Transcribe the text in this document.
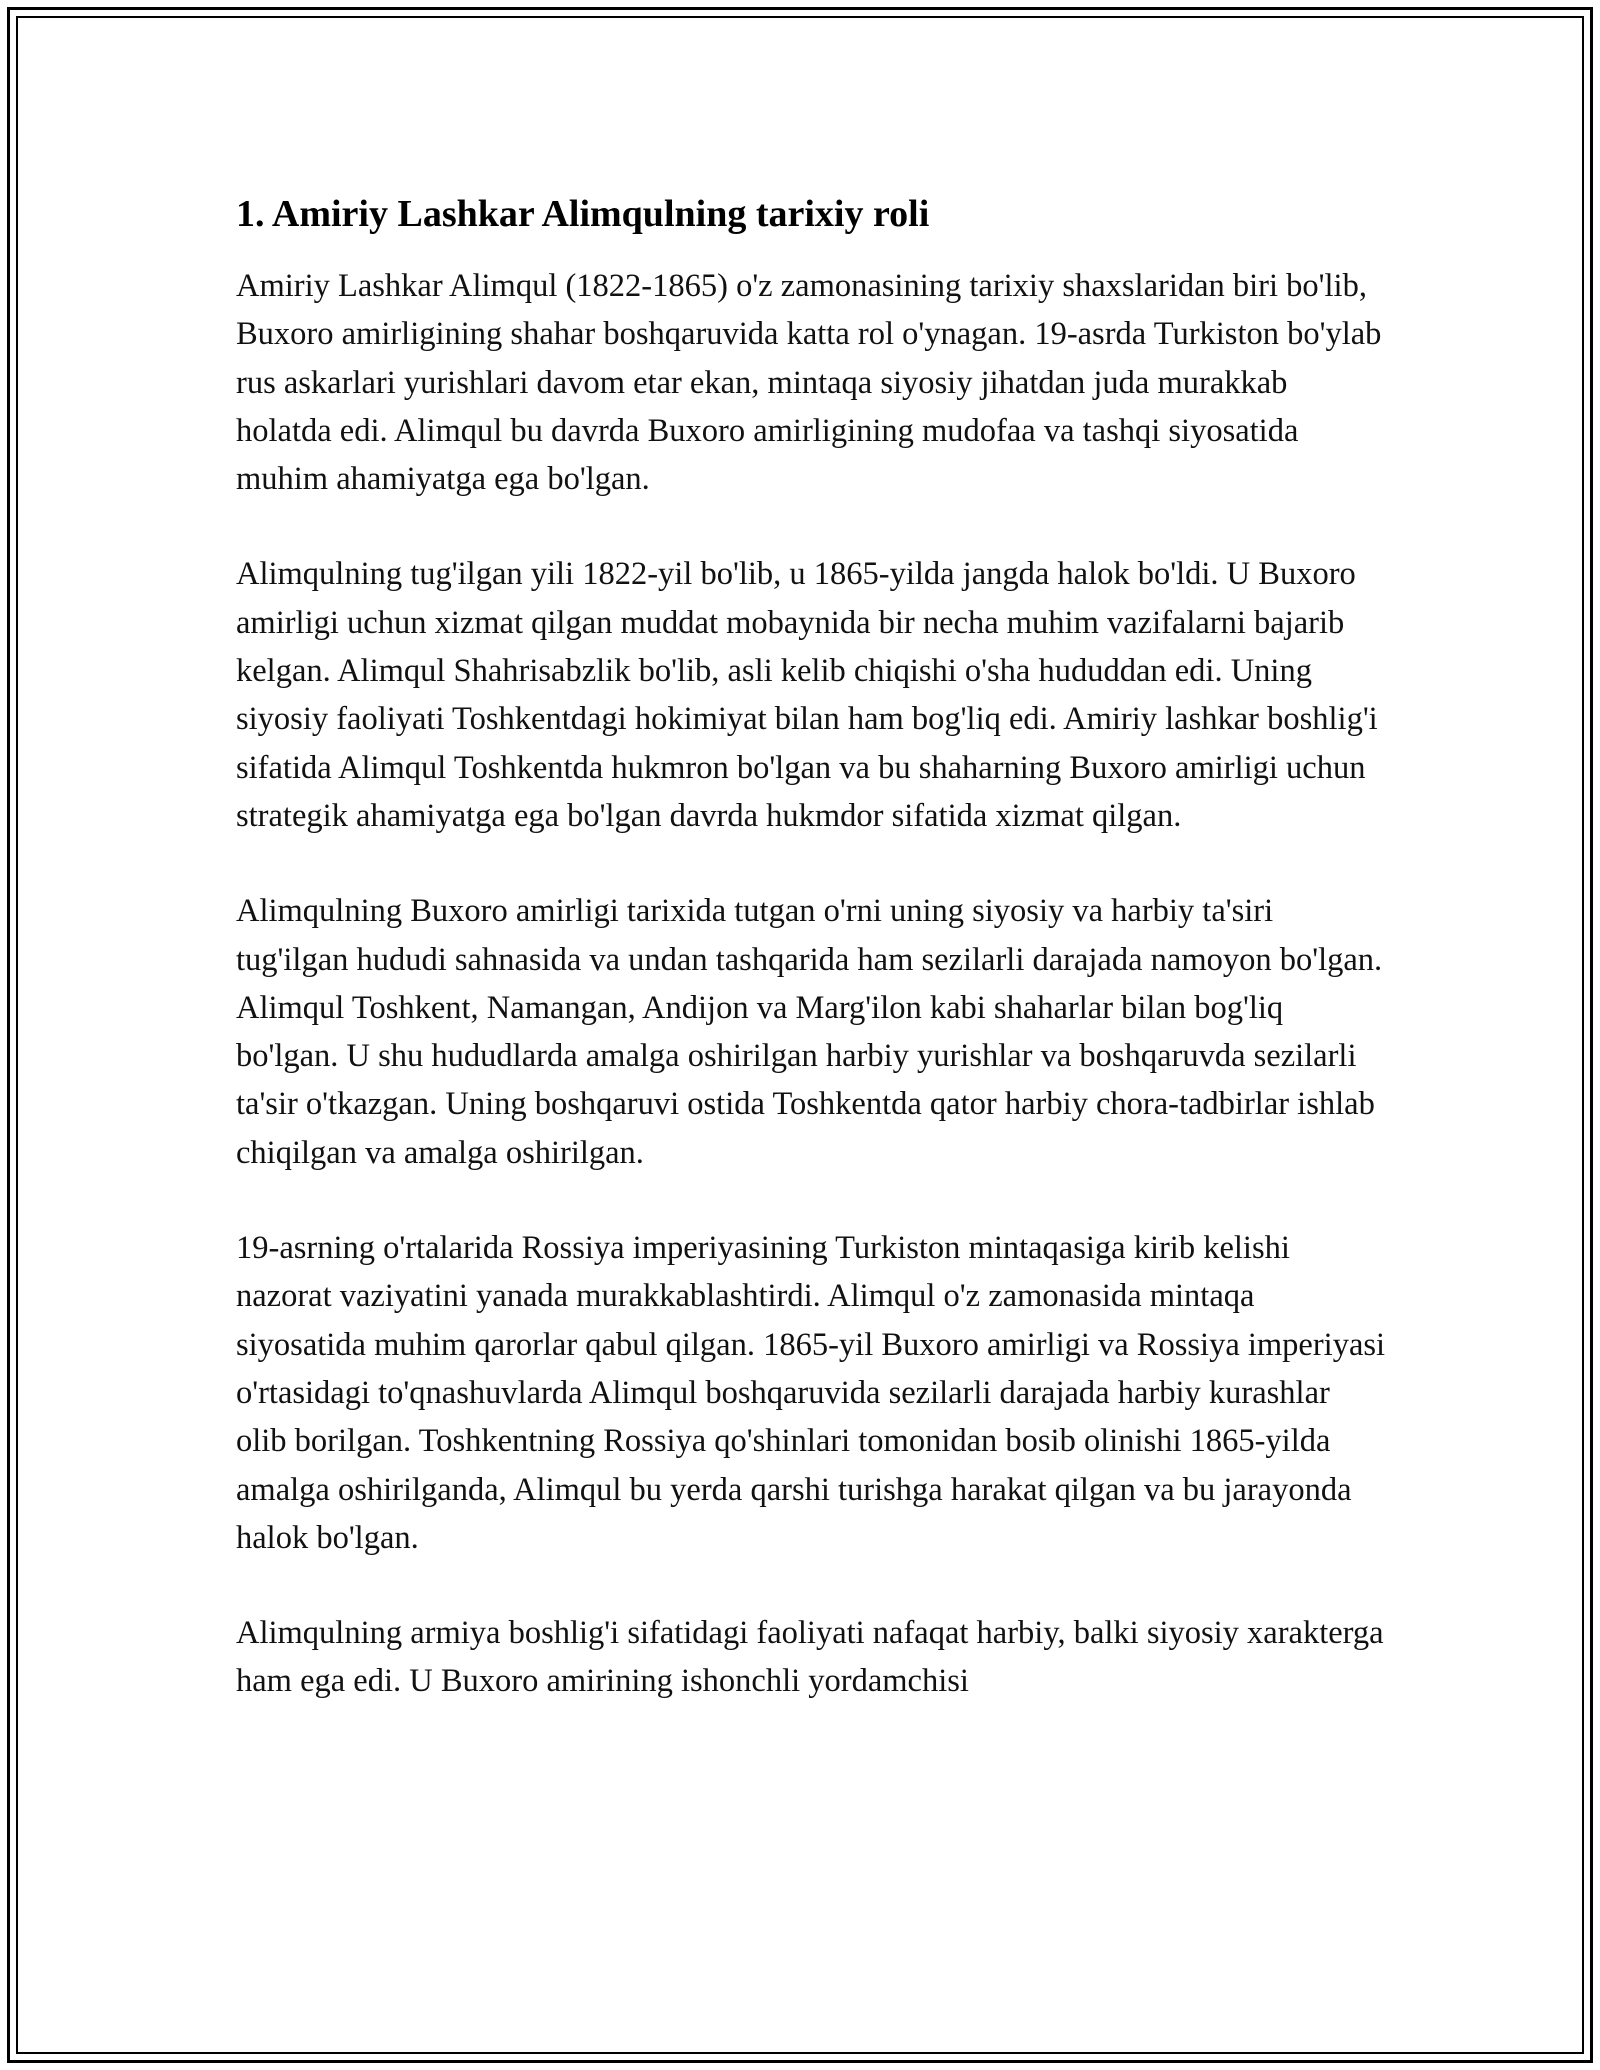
1. Amiriy Lashkar Alimqulning tarixiy roli

Amiriy Lashkar Alimqul (1822-1865) o'z zamonasining tarixiy shaxslaridan biri bo'lib, Buxoro amirligining shahar boshqaruvida katta rol o'ynagan. 19-asrda Turkiston bo'ylab rus askarlari yurishlari davom etar ekan, mintaqa siyosiy jihatdan juda murakkab holatda edi. Alimqul bu davrda Buxoro amirligining mudofaa va tashqi siyosatida muhim ahamiyatga ega bo'lgan.

Alimqulning tug'ilgan yili 1822-yil bo'lib, u 1865-yilda jangda halok bo'ldi. U Buxoro amirligi uchun xizmat qilgan muddat mobaynida bir necha muhim vazifalarni bajarib kelgan. Alimqul Shahrisabzlik bo'lib, asli kelib chiqishi o'sha hududdan edi. Uning siyosiy faoliyati Toshkentdagi hokimiyat bilan ham bog'liq edi. Amiriy lashkar boshlig'i sifatida Alimqul Toshkentda hukmron bo'lgan va bu shaharning Buxoro amirligi uchun strategik ahamiyatga ega bo'lgan davrda hukmdor sifatida xizmat qilgan.

Alimqulning Buxoro amirligi tarixida tutgan o'rni uning siyosiy va harbiy ta'siri tug'ilgan hududi sahnasida va undan tashqarida ham sezilarli darajada namoyon bo'lgan. Alimqul Toshkent, Namangan, Andijon va Marg'ilon kabi shaharlar bilan bog'liq bo'lgan. U shu hududlarda amalga oshirilgan harbiy yurishlar va boshqaruvda sezilarli ta'sir o'tkazgan. Uning boshqaruvi ostida Toshkentda qator harbiy chora-tadbirlar ishlab chiqilgan va amalga oshirilgan.

19-asrning o'rtalarida Rossiya imperiyasining Turkiston mintaqasiga kirib kelishi nazorat vaziyatini yanada murakkablashtirdi. Alimqul o'z zamonasida mintaqa siyosatida muhim qarorlar qabul qilgan. 1865-yil Buxoro amirligi va Rossiya imperiyasi o'rtasidagi to'qnashuvlarda Alimqul boshqaruvida sezilarli darajada harbiy kurashlar olib borilgan. Toshkentning Rossiya qo'shinlari tomonidan bosib olinishi 1865-yilda amalga oshirilganda, Alimqul bu yerda qarshi turishga harakat qilgan va bu jarayonda halok bo'lgan.

Alimqulning armiya boshlig'i sifatidagi faoliyati nafaqat harbiy, balki siyosiy xarakterga ham ega edi. U Buxoro amirining ishonchli yordamchisi
